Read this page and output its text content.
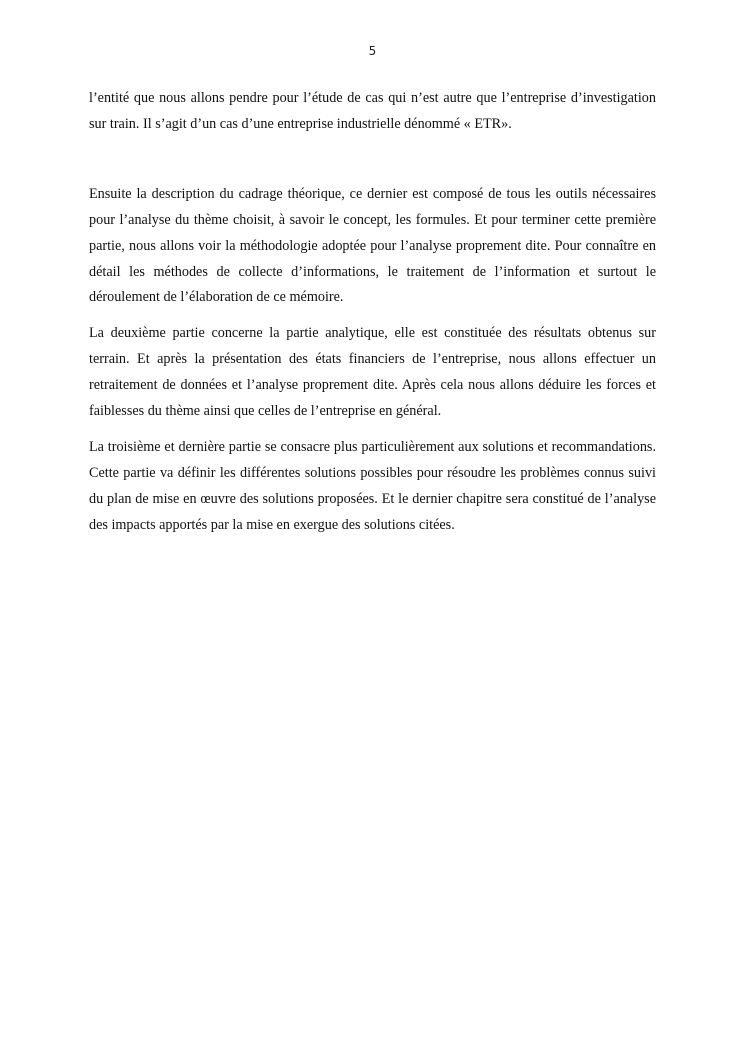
5

l’entité que nous allons pendre pour l’étude de cas qui n’est autre que l’entreprise d’investigation sur train. Il s’agit d’un cas d’une entreprise industrielle dénommé « ETR».

Ensuite la description du cadrage théorique, ce dernier est composé de tous les outils nécessaires pour l’analyse du thème choisit, à savoir le concept, les formules. Et pour terminer cette première partie, nous allons voir la méthodologie adoptée pour l’analyse proprement dite. Pour connaître en détail les méthodes de collecte d’informations, le traitement de l’information et surtout le déroulement de l’élaboration de ce mémoire.

La deuxième partie concerne la partie analytique, elle est constituée des résultats obtenus sur terrain. Et après la présentation des états financiers de l’entreprise, nous allons effectuer un retraitement de données et l’analyse proprement dite. Après cela nous allons déduire les forces et faiblesses du thème ainsi que celles de l’entreprise en général.

La troisième et dernière partie se consacre plus particulièrement aux solutions et recommandations. Cette partie va définir les différentes solutions possibles pour résoudre les problèmes connus suivi du plan de mise en œuvre des solutions proposées. Et le dernier chapitre sera constitué de l’analyse des impacts apportés par la mise en exergue des solutions citées.
